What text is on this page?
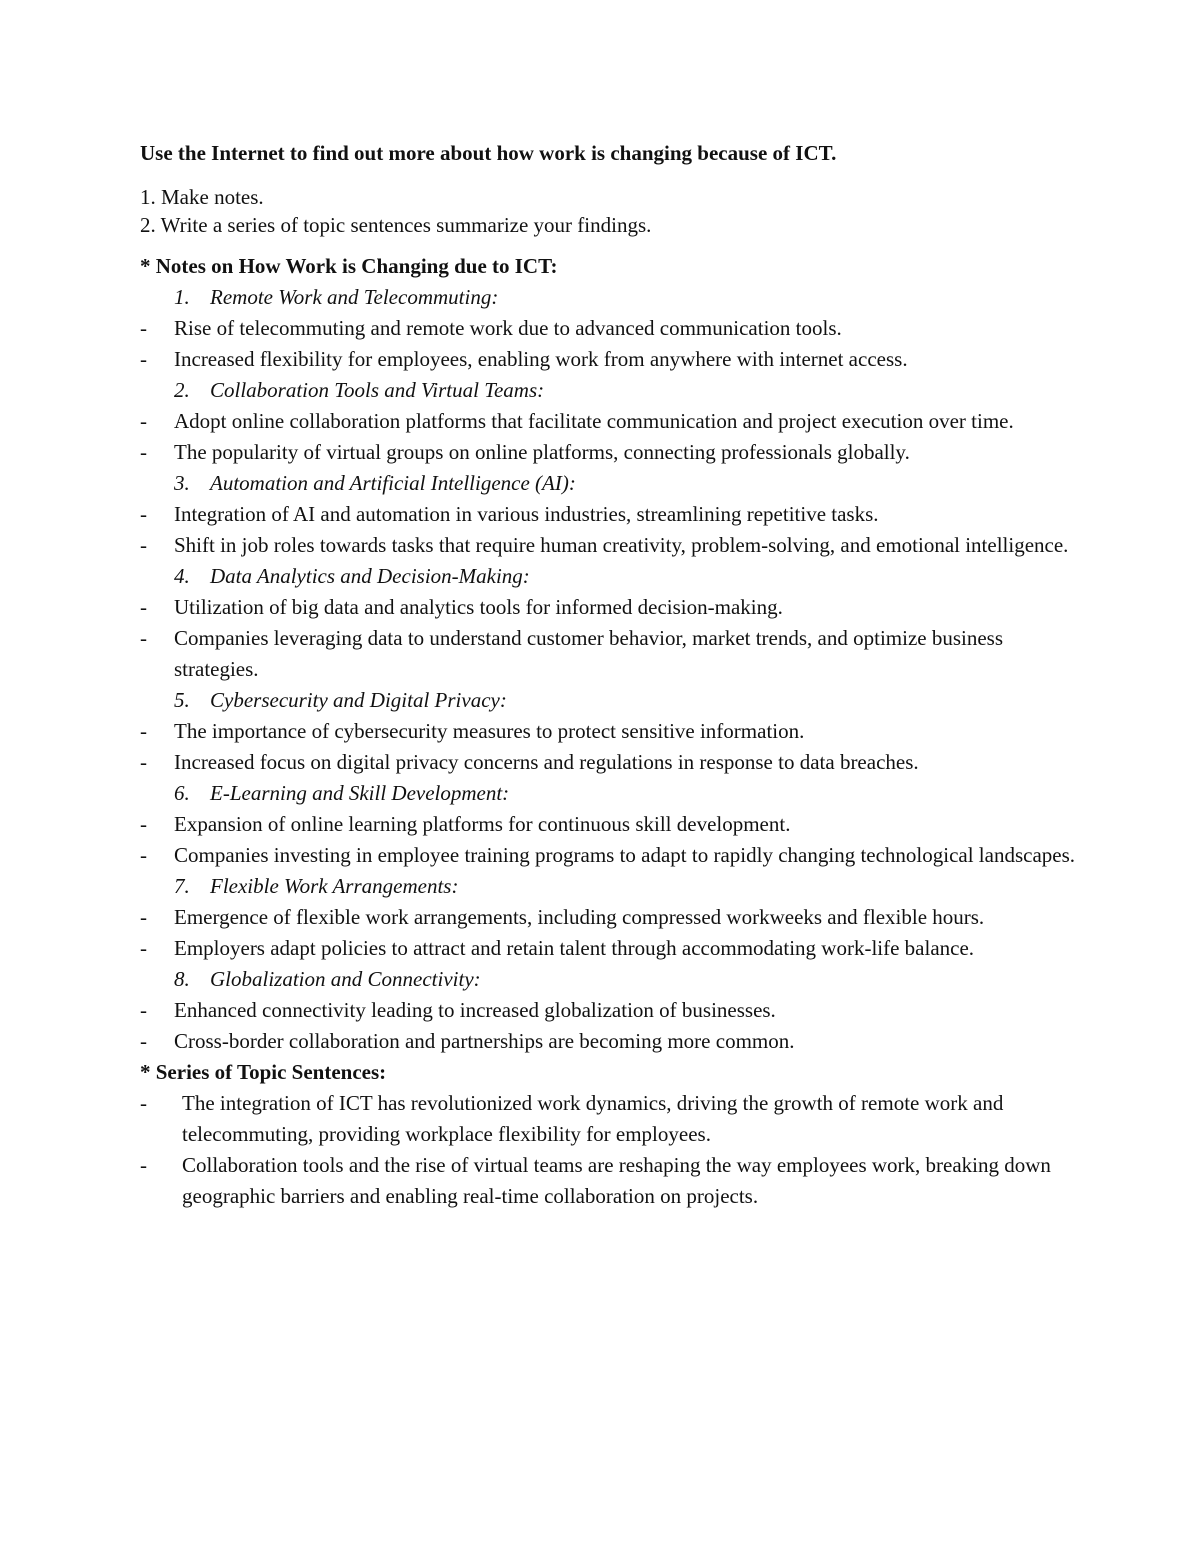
Use the Internet to find out more about how work is changing because of ICT.
1. Make notes.
2. Write a series of topic sentences summarize your findings.
* Notes on How Work is Changing due to ICT:
1. Remote Work and Telecommuting:
- Rise of telecommuting and remote work due to advanced communication tools.
- Increased flexibility for employees, enabling work from anywhere with internet access.
2. Collaboration Tools and Virtual Teams:
- Adopt online collaboration platforms that facilitate communication and project execution over time.
- The popularity of virtual groups on online platforms, connecting professionals globally.
3. Automation and Artificial Intelligence (AI):
- Integration of AI and automation in various industries, streamlining repetitive tasks.
- Shift in job roles towards tasks that require human creativity, problem-solving, and emotional intelligence.
4. Data Analytics and Decision-Making:
- Utilization of big data and analytics tools for informed decision-making.
- Companies leveraging data to understand customer behavior, market trends, and optimize business strategies.
5. Cybersecurity and Digital Privacy:
- The importance of cybersecurity measures to protect sensitive information.
- Increased focus on digital privacy concerns and regulations in response to data breaches.
6. E-Learning and Skill Development:
- Expansion of online learning platforms for continuous skill development.
- Companies investing in employee training programs to adapt to rapidly changing technological landscapes.
7. Flexible Work Arrangements:
- Emergence of flexible work arrangements, including compressed workweeks and flexible hours.
- Employers adapt policies to attract and retain talent through accommodating work-life balance.
8. Globalization and Connectivity:
- Enhanced connectivity leading to increased globalization of businesses.
- Cross-border collaboration and partnerships are becoming more common.
* Series of Topic Sentences:
- The integration of ICT has revolutionized work dynamics, driving the growth of remote work and telecommuting, providing workplace flexibility for employees.
- Collaboration tools and the rise of virtual teams are reshaping the way employees work, breaking down geographic barriers and enabling real-time collaboration on projects.
